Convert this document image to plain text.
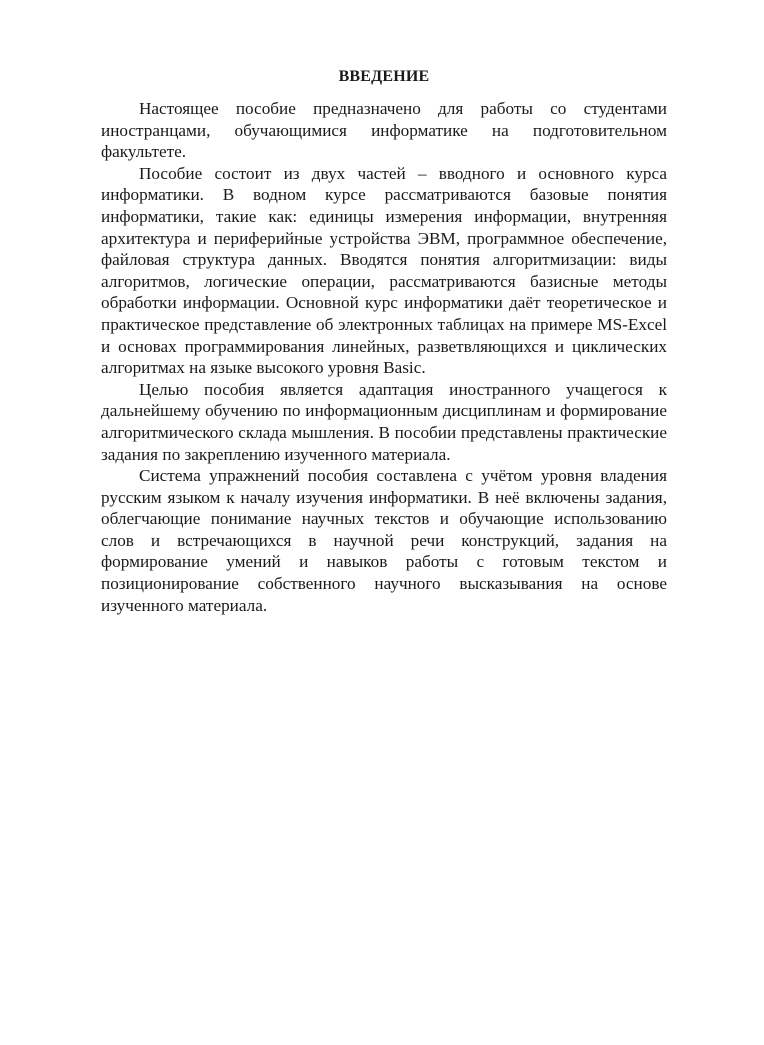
ВВЕДЕНИЕ

Настоящее пособие предназначено для работы со студентами иностранцами, обучающимися информатике на подготовительном факультете.

Пособие состоит из двух частей – вводного и основного курса информатики. В водном курсе рассматриваются базовые понятия информатики, такие как: единицы измерения информации, внутренняя архитектура и периферийные устройства ЭВМ, программное обеспечение, файловая структура данных. Вводятся понятия алгоритмизации: виды алгоритмов, логические операции, рассматриваются базисные методы обработки информации. Основной курс информатики даёт теоретическое и практическое представление об электронных таблицах на примере MS-Excel и основах программирования линейных, разветвляющихся и циклических алгоритмах на языке высокого уровня Basic.

Целью пособия является адаптация иностранного учащегося к дальнейшему обучению по информационным дисциплинам и формирование алгоритмического склада мышления. В пособии представлены практические задания по закреплению изученного материала.

Система упражнений пособия составлена с учётом уровня владения русским языком к началу изучения информатики. В неё включены задания, облегчающие понимание научных текстов и обучающие использованию слов и встречающихся в научной речи конструкций, задания на формирование умений и навыков работы с готовым текстом и позиционирование собственного научного высказывания на основе изученного материала.
